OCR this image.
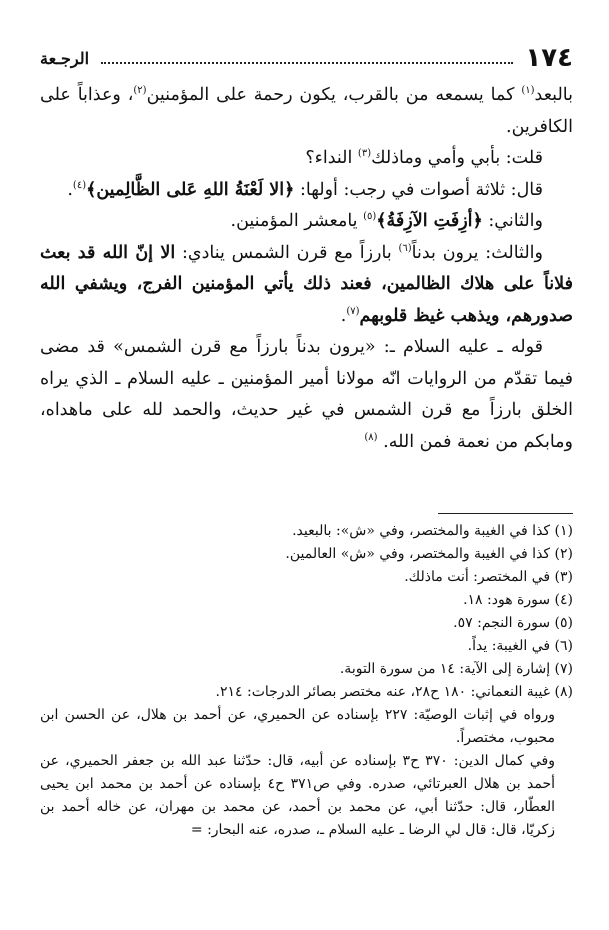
١٧٤
الرجـعة

بالبعد$^{(١)}$ كما يسمعه من بالقرب، يكون رحمة على المؤمنين$^{(٢)}$، وعذاباً على الكافرين.

قلت: بأبي وأمي وماذلك$^{(٣)}$ النداء؟

قال: ثلاثة أصوات في رجب: أولها: ﴿الا لَعْنَةُ اللهِ عَلى الظَّالِمين﴾$^{(٤)}$.

والثاني: ﴿أزِفَتِ الآزِفَةُ﴾$^{(٥)}$ يامعشر المؤمنين.

والثالث: يرون بدناً$^{(٦)}$ بارزاً مع قرن الشمس ينادي: الا إنّ الله قد بعث فلاناً على هلاك الظالمين، فعند ذلك يأتي المؤمنين الفرج، ويشفي الله صدورهم، ويذهب غيظ قلوبهم$^{(٧)}$.

قوله ـ عليه السلام ـ: «يرون بدناً بارزاً مع قرن الشمس» قد مضى فيما تقدّم من الروايات انّه مولانا أمير المؤمنين ـ عليه السلام ـ الذي يراه الخلق بارزاً مع قرن الشمس في غير حديث، والحمد لله على ماهداه، ومابكم من نعمة فمن الله. $^{(٨)}$

(١) كذا في الغيبة والمختصر، وفي «ش»: بالبعيد.

(٢) كذا في الغيبة والمختصر، وفي «ش» العالمين.

(٣) في المختصر: أنت ماذلك.

(٤) سورة هود: ١٨.

(٥) سورة النجم: ٥٧.

(٦) في الغيبة: يداً.

(٧) إشارة إلى الآية: ١٤ من سورة التوبة.

(٨) غيبة النعماني: ١٨٠ ح٢٨، عنه مختصر بصائر الدرجات: ٢١٤.

ورواه في إثبات الوصيّة: ٢٢٧ بإسناده عن الحميري، عن أحمد بن هلال، عن الحسن ابن محبوب، مختصراً.

وفي كمال الدين: ٣٧٠ ح٣ بإسناده عن أبيه، قال: حدّثنا عبد الله بن جعفر الحميري، عن أحمد بن هلال العبرتائي، صدره. وفي ص٣٧١ ح٤ بإسناده عن أحمد بن محمد ابن يحيى العطّار، قال: حدّثنا أبي، عن محمد بن أحمد، عن محمد بن مهران، عن خاله أحمد بن زكريّا، قال: قال لي الرضا ـ عليه السلام ـ، صدره، عنه البحار: =
